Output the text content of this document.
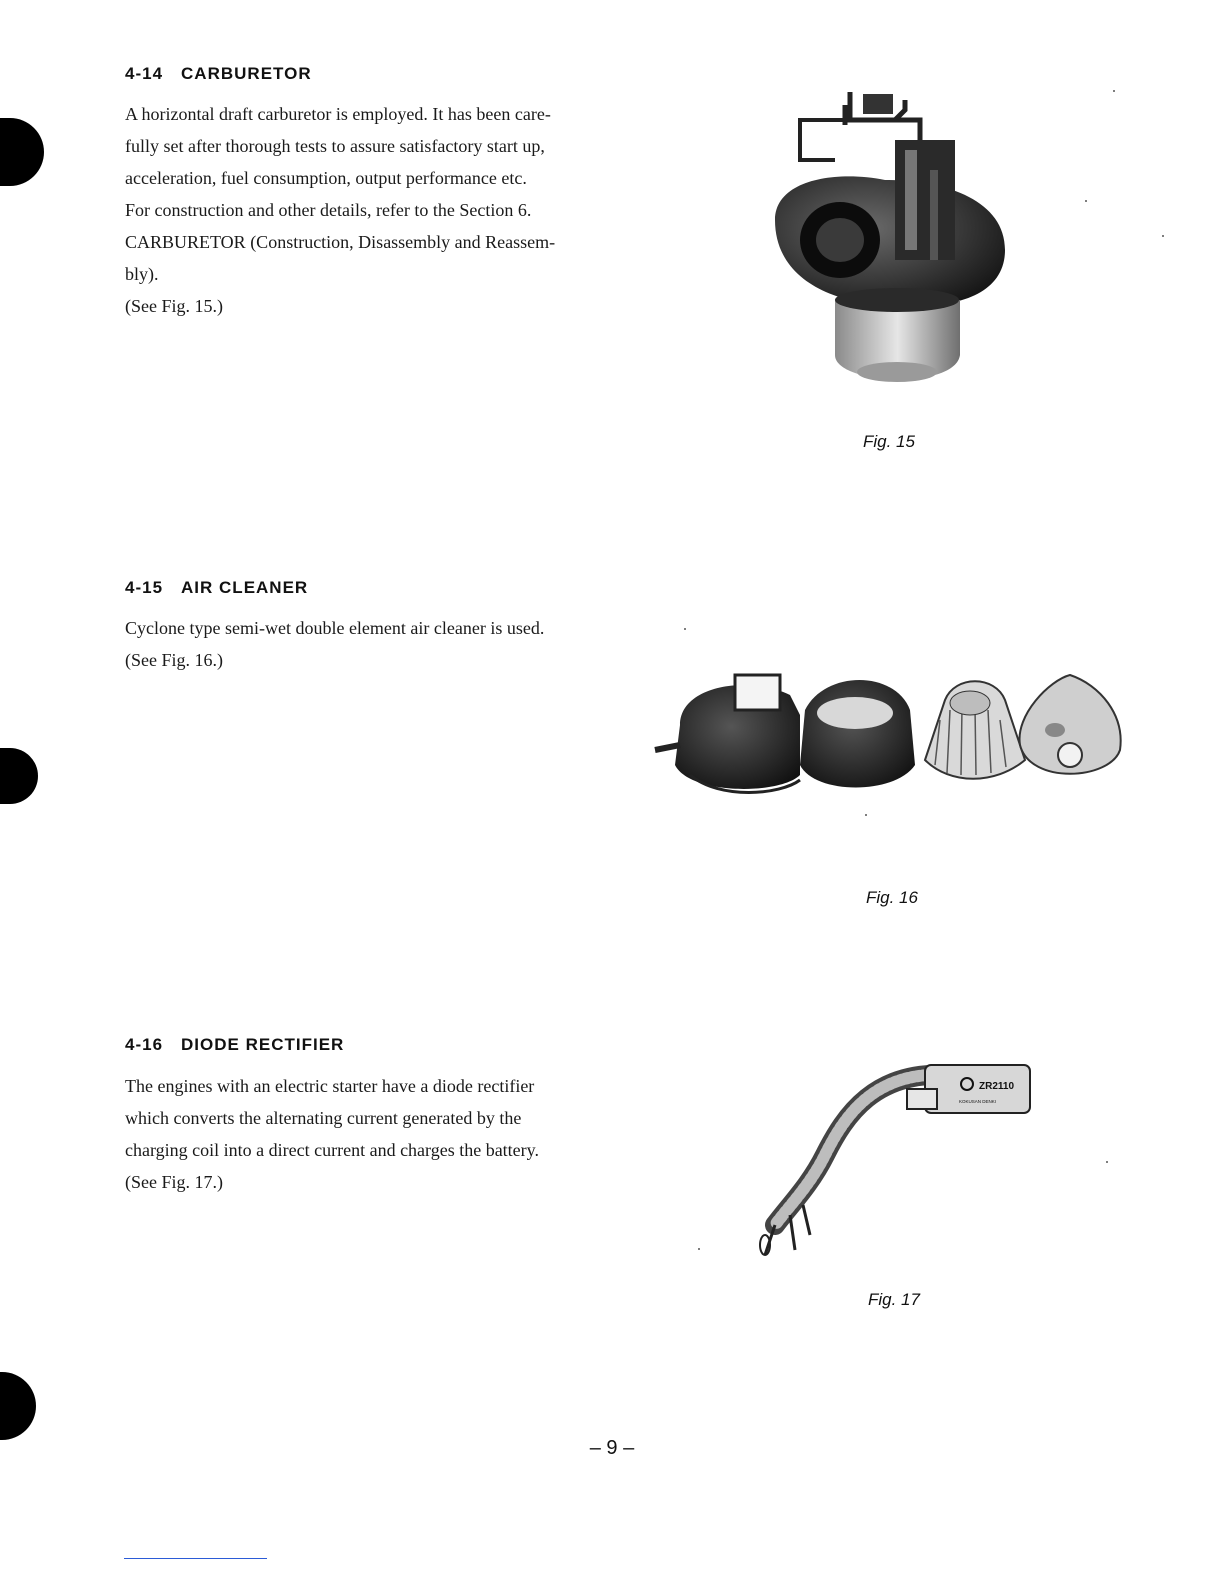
4-14 CARBURETOR

A horizontal draft carburetor is employed. It has been care-

fully set after thorough tests to assure satisfactory start up,

acceleration, fuel consumption, output performance etc.

For construction and other details, refer to the Section 6.

CARBURETOR (Construction, Disassembly and Reassem-

bly).

(See Fig. 15.)

Fig. 15
4-15 AIR CLEANER

Cyclone type semi-wet double element air cleaner is used.

(See Fig. 16.)

Fig. 16
4-16 DIODE RECTIFIER

The engines with an electric starter have a diode rectifier

which converts the alternating current generated by the

charging coil into a direct current and charges the battery.

(See Fig. 17.)

ZR2110
KOKUSAN DENKI
Fig. 17
– 9 –
